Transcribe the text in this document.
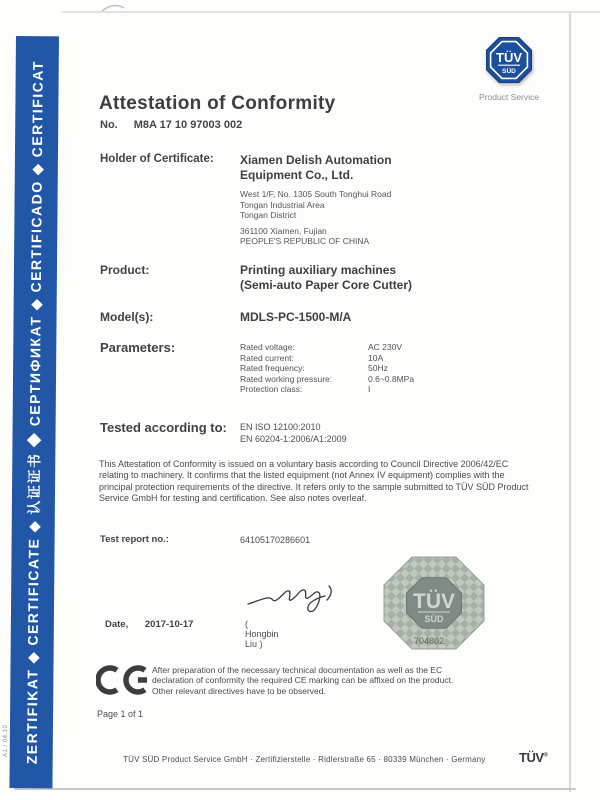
ZERTIFIKAT ◆ CERTIFICATE ◆ 认证证书 ◆ СЕРТИФИКАТ ◆ CERTIFICADO ◆ CERTIFICAT
A1 / 04.10
TÜV
SÜD
Product Service
Attestation of Conformity
No. M8A 17 10 97003 002
Holder of Certificate:	Xiamen Delish Automation
Equipment Co., Ltd.
West 1/F, No. 1305 South Tonghui Road
Tongan Industrial Area
Tongan District
361100 Xiamen, Fujian
PEOPLE'S REPUBLIC OF CHINA
Product:	Printing auxiliary machines
(Semi-auto Paper Core Cutter)
Model(s):	MDLS-PC-1500-M/A
Parameters:	Rated voltage:	AC 230V
Rated current:	10A
Rated frequency:	50Hz
Rated working pressure:	0.6~0.8MPa
Protection class:	I
Tested according to:	EN ISO 12100:2010
EN 60204-1:2006/A1:2009

This Attestation of Conformity is issued on a voluntary basis according to Council Directive 2006/42/EC relating to machinery. It confirms that the listed equipment (not Annex IV equipment) complies with the principal protection requirements of the directive. It refers only to the sample submitted to TÜV SÜD Product Service GmbH for testing and certification. See also notes overleaf.

Test report no.:	64105170286601
Date, 2017-10-17	( Hongbin Liu )
TÜV
SÜD
704802
After preparation of the necessary technical documentation as well as the EC
declaration of conformity the required CE marking can be affixed on the product.
Other relevant directives have to be observed.
Page 1 of 1
TÜV SÜD Product Service GmbH · Zertifizierstelle · Ridlerstraße 65 · 80339 München · Germany	TÜV®
